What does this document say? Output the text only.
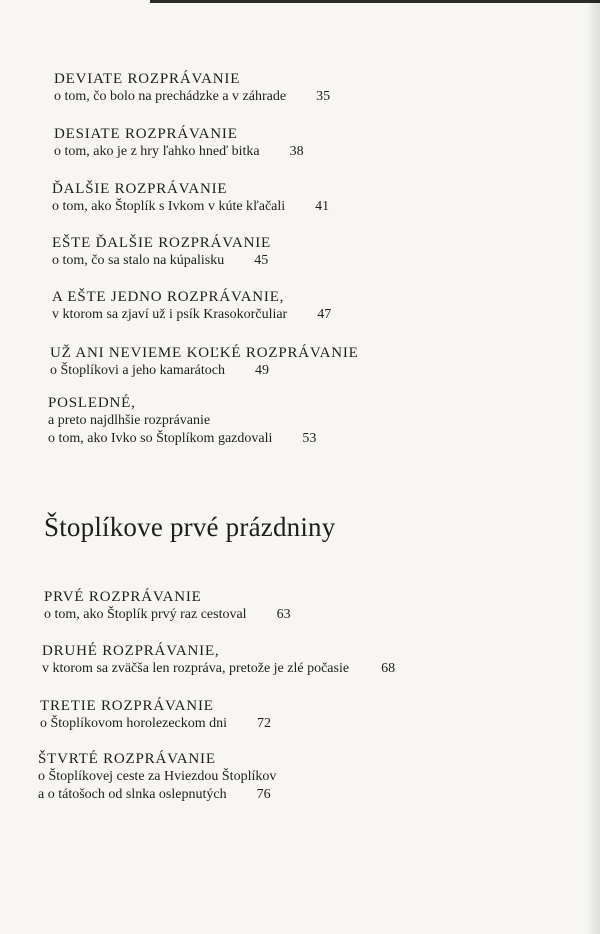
DEVIATE ROZPRÁVANIE
o tom, čo bolo na prechádzke a v záhrade 35
DESIATE ROZPRÁVANIE
o tom, ako je z hry ľahko hneď bitka 38
ĎALŠIE ROZPRÁVANIE
o tom, ako Štoplík s Ivkom v kúte kľačali 41
EŠTE ĎALŠIE ROZPRÁVANIE
o tom, čo sa stalo na kúpalisku 45
A EŠTE JEDNO ROZPRÁVANIE,
v ktorom sa zjaví už i psík Krasokorčuliar 47
UŽ ANI NEVIEME KOĽKÉ ROZPRÁVANIE
o Štoplíkovi a jeho kamarátoch 49
POSLEDNÉ,
a preto najdlhšie rozprávanie
o tom, ako Ivko so Štoplíkom gazdovali 53
Štoplíkove prvé prázdniny
PRVÉ ROZPRÁVANIE
o tom, ako Štoplík prvý raz cestoval 63
DRUHÉ ROZPRÁVANIE,
v ktorom sa zväčša len rozpráva, pretože je zlé počasie 68
TRETIE ROZPRÁVANIE
o Štoplíkovom horolezeckom dni 72
ŠTVRTÉ ROZPRÁVANIE
o Štoplíkovej ceste za Hviezdou Štoplíkov
a o tátošoch od slnka oslepnutých 76
